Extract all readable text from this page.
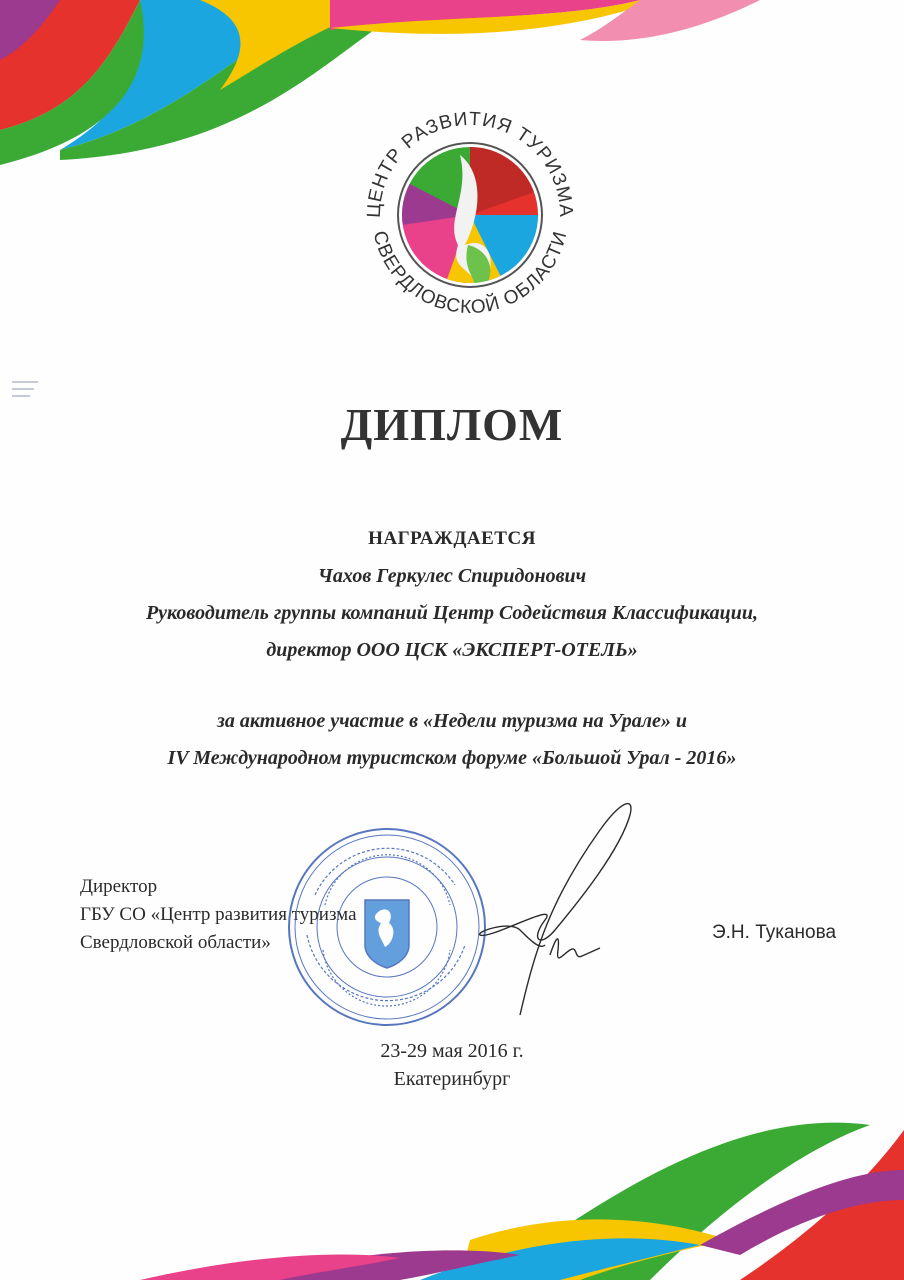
ЦЕНТР РАЗВИТИЯ ТУРИЗМА
СВЕРДЛОВСКОЙ ОБЛАСТИ
ДИПЛОМ
НАГРАЖДАЕТСЯ
Чахов Геркулес Спиридонович
Руководитель группы компаний Центр Содействия Классификации,
директор ООО ЦСК «ЭКСПЕРТ-ОТЕЛЬ»
за активное участие в «Недели туризма на Урале» и
IV Международном туристском форуме «Большой Урал - 2016»
Директор
ГБУ СО «Центр развития туризма
Свердловской области»	Э.Н. Туканова
23-29 мая 2016 г.
Екатеринбург
